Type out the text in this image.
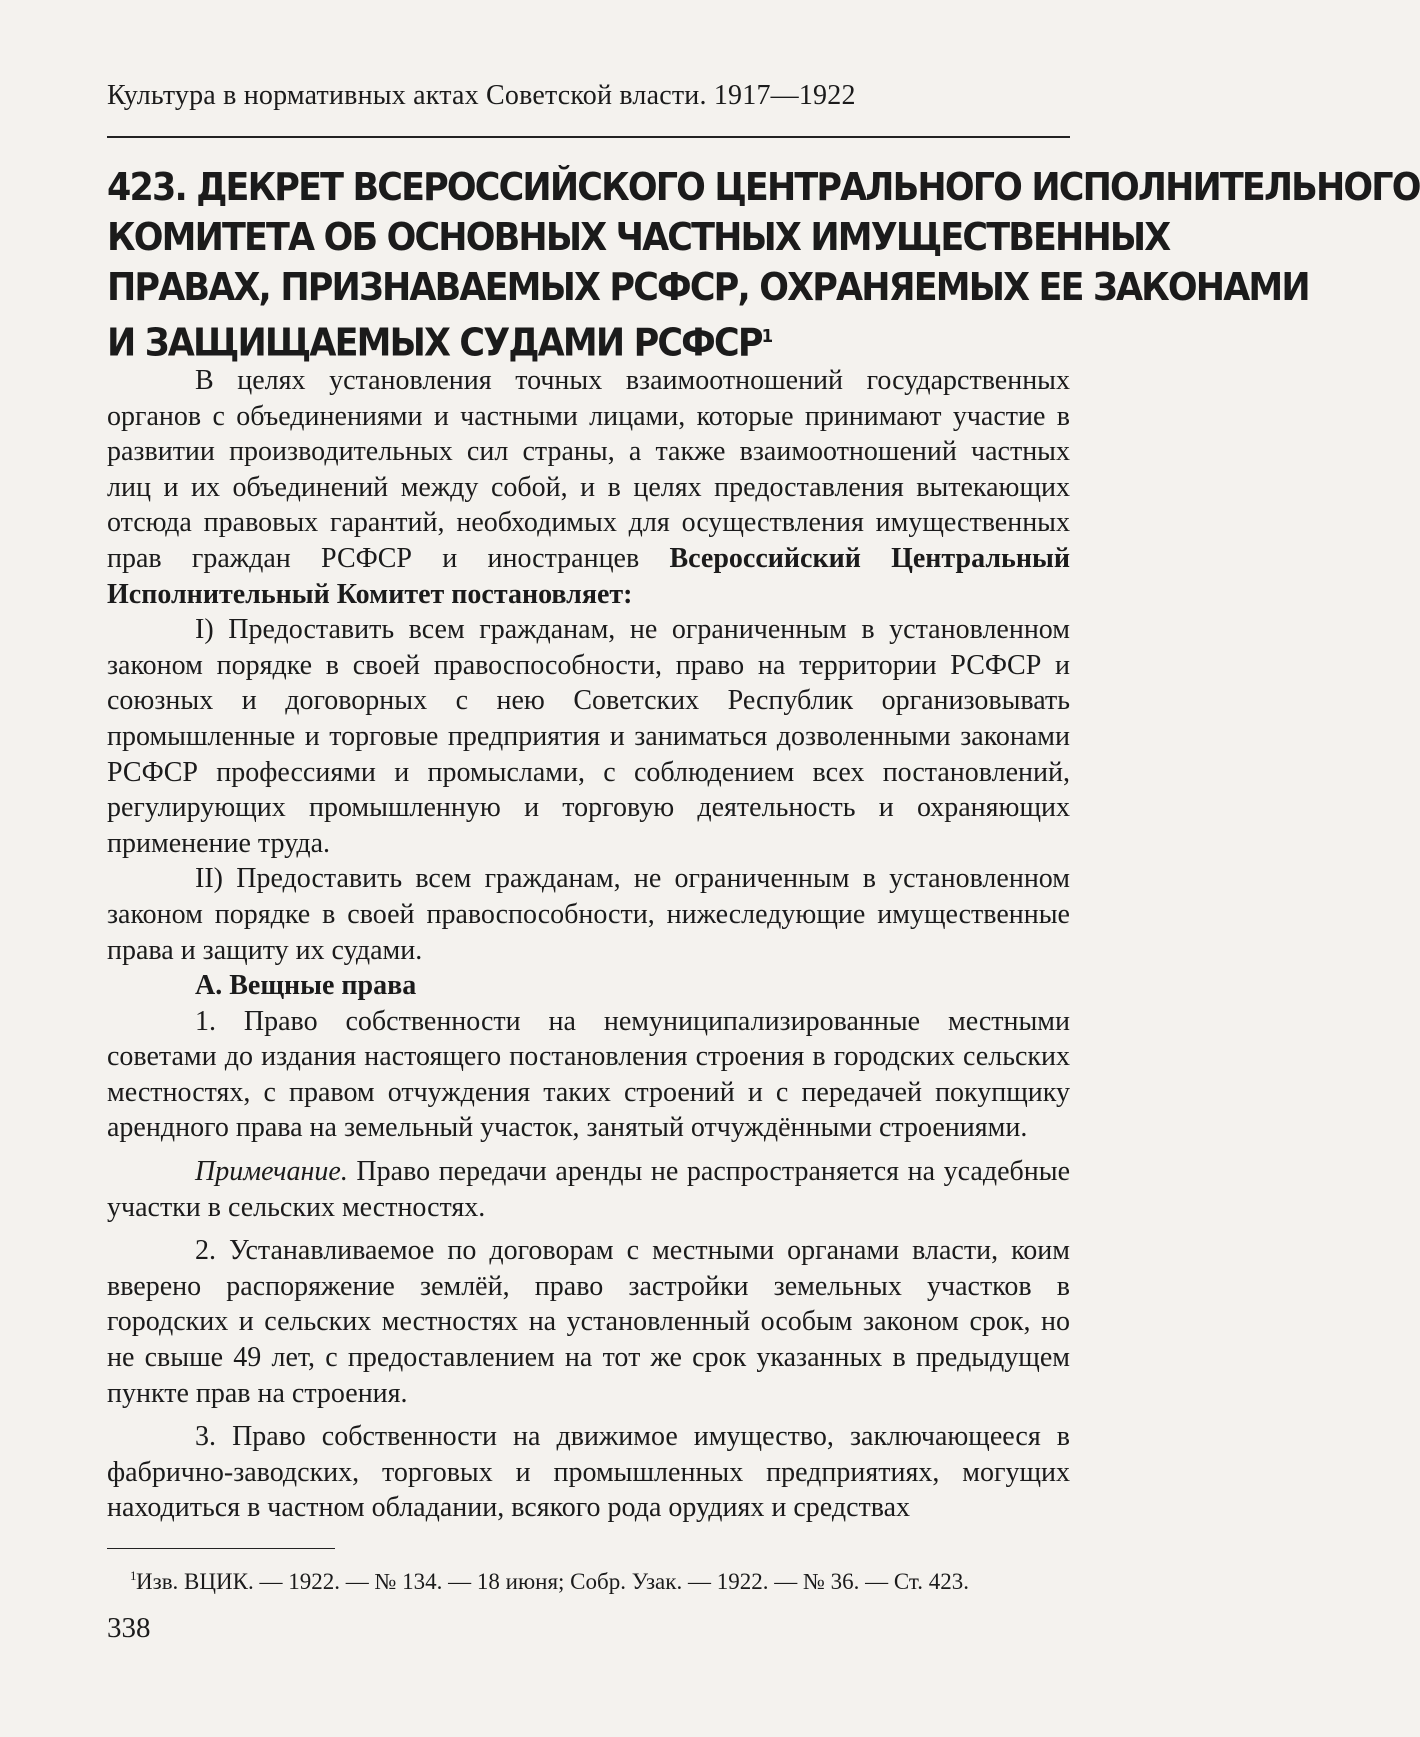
Культура в нормативных актах Советской власти. 1917—1922
423. ДЕКРЕТ ВСЕРОССИЙСКОГО ЦЕНТРАЛЬНОГО ИСПОЛНИТЕЛЬНОГО
КОМИТЕТА ОБ ОСНОВНЫХ ЧАСТНЫХ ИМУЩЕСТВЕННЫХ
ПРАВАХ, ПРИЗНАВАЕМЫХ РСФСР, ОХРАНЯЕМЫХ ЕЕ ЗАКОНАМИ
И ЗАЩИЩАЕМЫХ СУДАМИ РСФСР$^1$

В целях установления точных взаимоотношений государственных органов с объединениями и частными лицами, которые принимают участие в развитии производительных сил страны, а также взаимоотношений частных лиц и их объединений между собой, и в целях предоставления вытекающих отсюда правовых гарантий, необходимых для осуществления имущественных прав граждан РСФСР и иностранцев Всероссийский Центральный Исполнительный Комитет постановляет:

I) Предоставить всем гражданам, не ограниченным в установленном законом порядке в своей правоспособности, право на территории РСФСР и союзных и договорных с нею Советских Республик организовывать промышленные и торговые предприятия и заниматься дозволенными законами РСФСР профессиями и промыслами, с соблюдением всех постановлений, регулирующих промышленную и торговую деятельность и охраняющих применение труда.

II) Предоставить всем гражданам, не ограниченным в установленном законом порядке в своей правоспособности, нижеследующие имущественные права и защиту их судами.

А. Вещные права

1. Право собственности на немуниципализированные местными советами до издания настоящего постановления строения в городских сельских местностях, с правом отчуждения таких строений и с передачей покупщику арендного права на земельный участок, занятый отчуждёнными строениями.

Примечание. Право передачи аренды не распространяется на усадебные участки в сельских местностях.

2. Устанавливаемое по договорам с местными органами власти, коим вверено распоряжение землёй, право застройки земельных участков в городских и сельских местностях на установленный особым законом срок, но не свыше 49 лет, с предоставлением на тот же срок указанных в предыдущем пункте прав на строения.

3. Право собственности на движимое имущество, заключающееся в фабрично-заводских, торговых и промышленных предприятиях, могущих находиться в частном обладании, всякого рода орудиях и средствах

1 Изв. ВЦИК. — 1922. — № 134. — 18 июня; Собр. Узак. — 1922. — № 36. — Ст. 423.
338
